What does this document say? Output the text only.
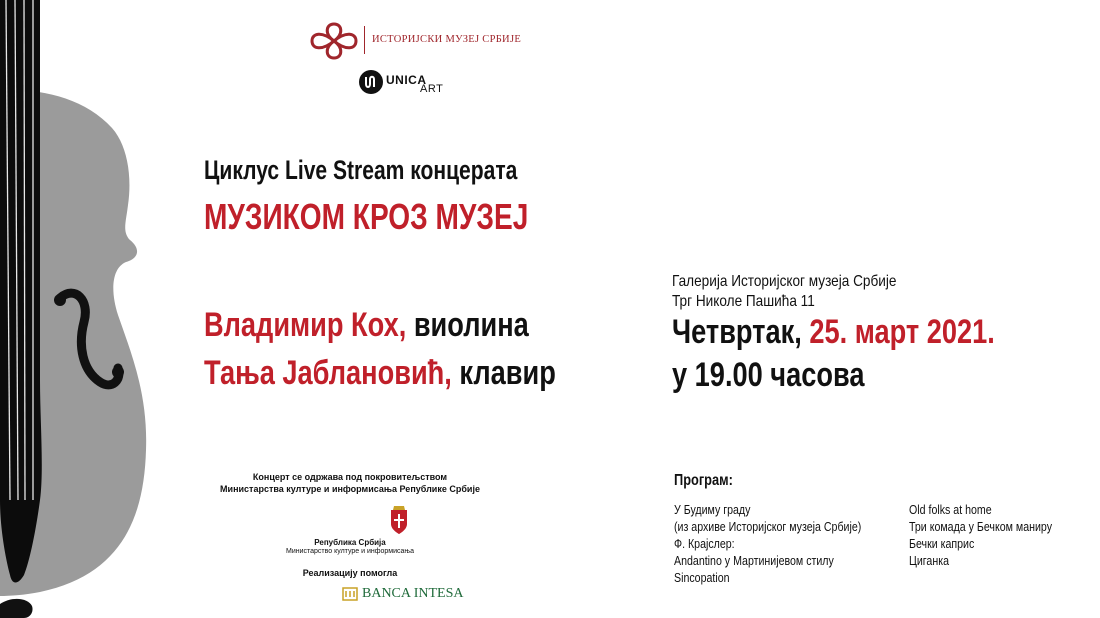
ИСТОРИЈСКИ МУЗЕЈ СРБИЈЕ
UNICA
ART
Циклус Live Stream концерата
МУЗИКОМ КРОЗ МУЗЕЈ
Владимир Кох, виолина
Тања Јаблановић, клавир
Галерија Историјског музеја Србије
Трг Николе Пашића 11
Четвртак, 25. март 2021.
у 19.00 часова
Концерт се одржава под покровитељством
Министарства културе и информисања Републике Србије
Република Србија
Министарство културе и информисања
Реализацију помогла
BANCA INTESA
Програм:
У Будиму граду
(из архиве Историјског музеја Србије)
Ф. Крајслер:
Andantino у Мартинијевом стилу
Sincopation
Old folks at home
Три комада у Бечком маниру
Бечки каприс
Циганка
